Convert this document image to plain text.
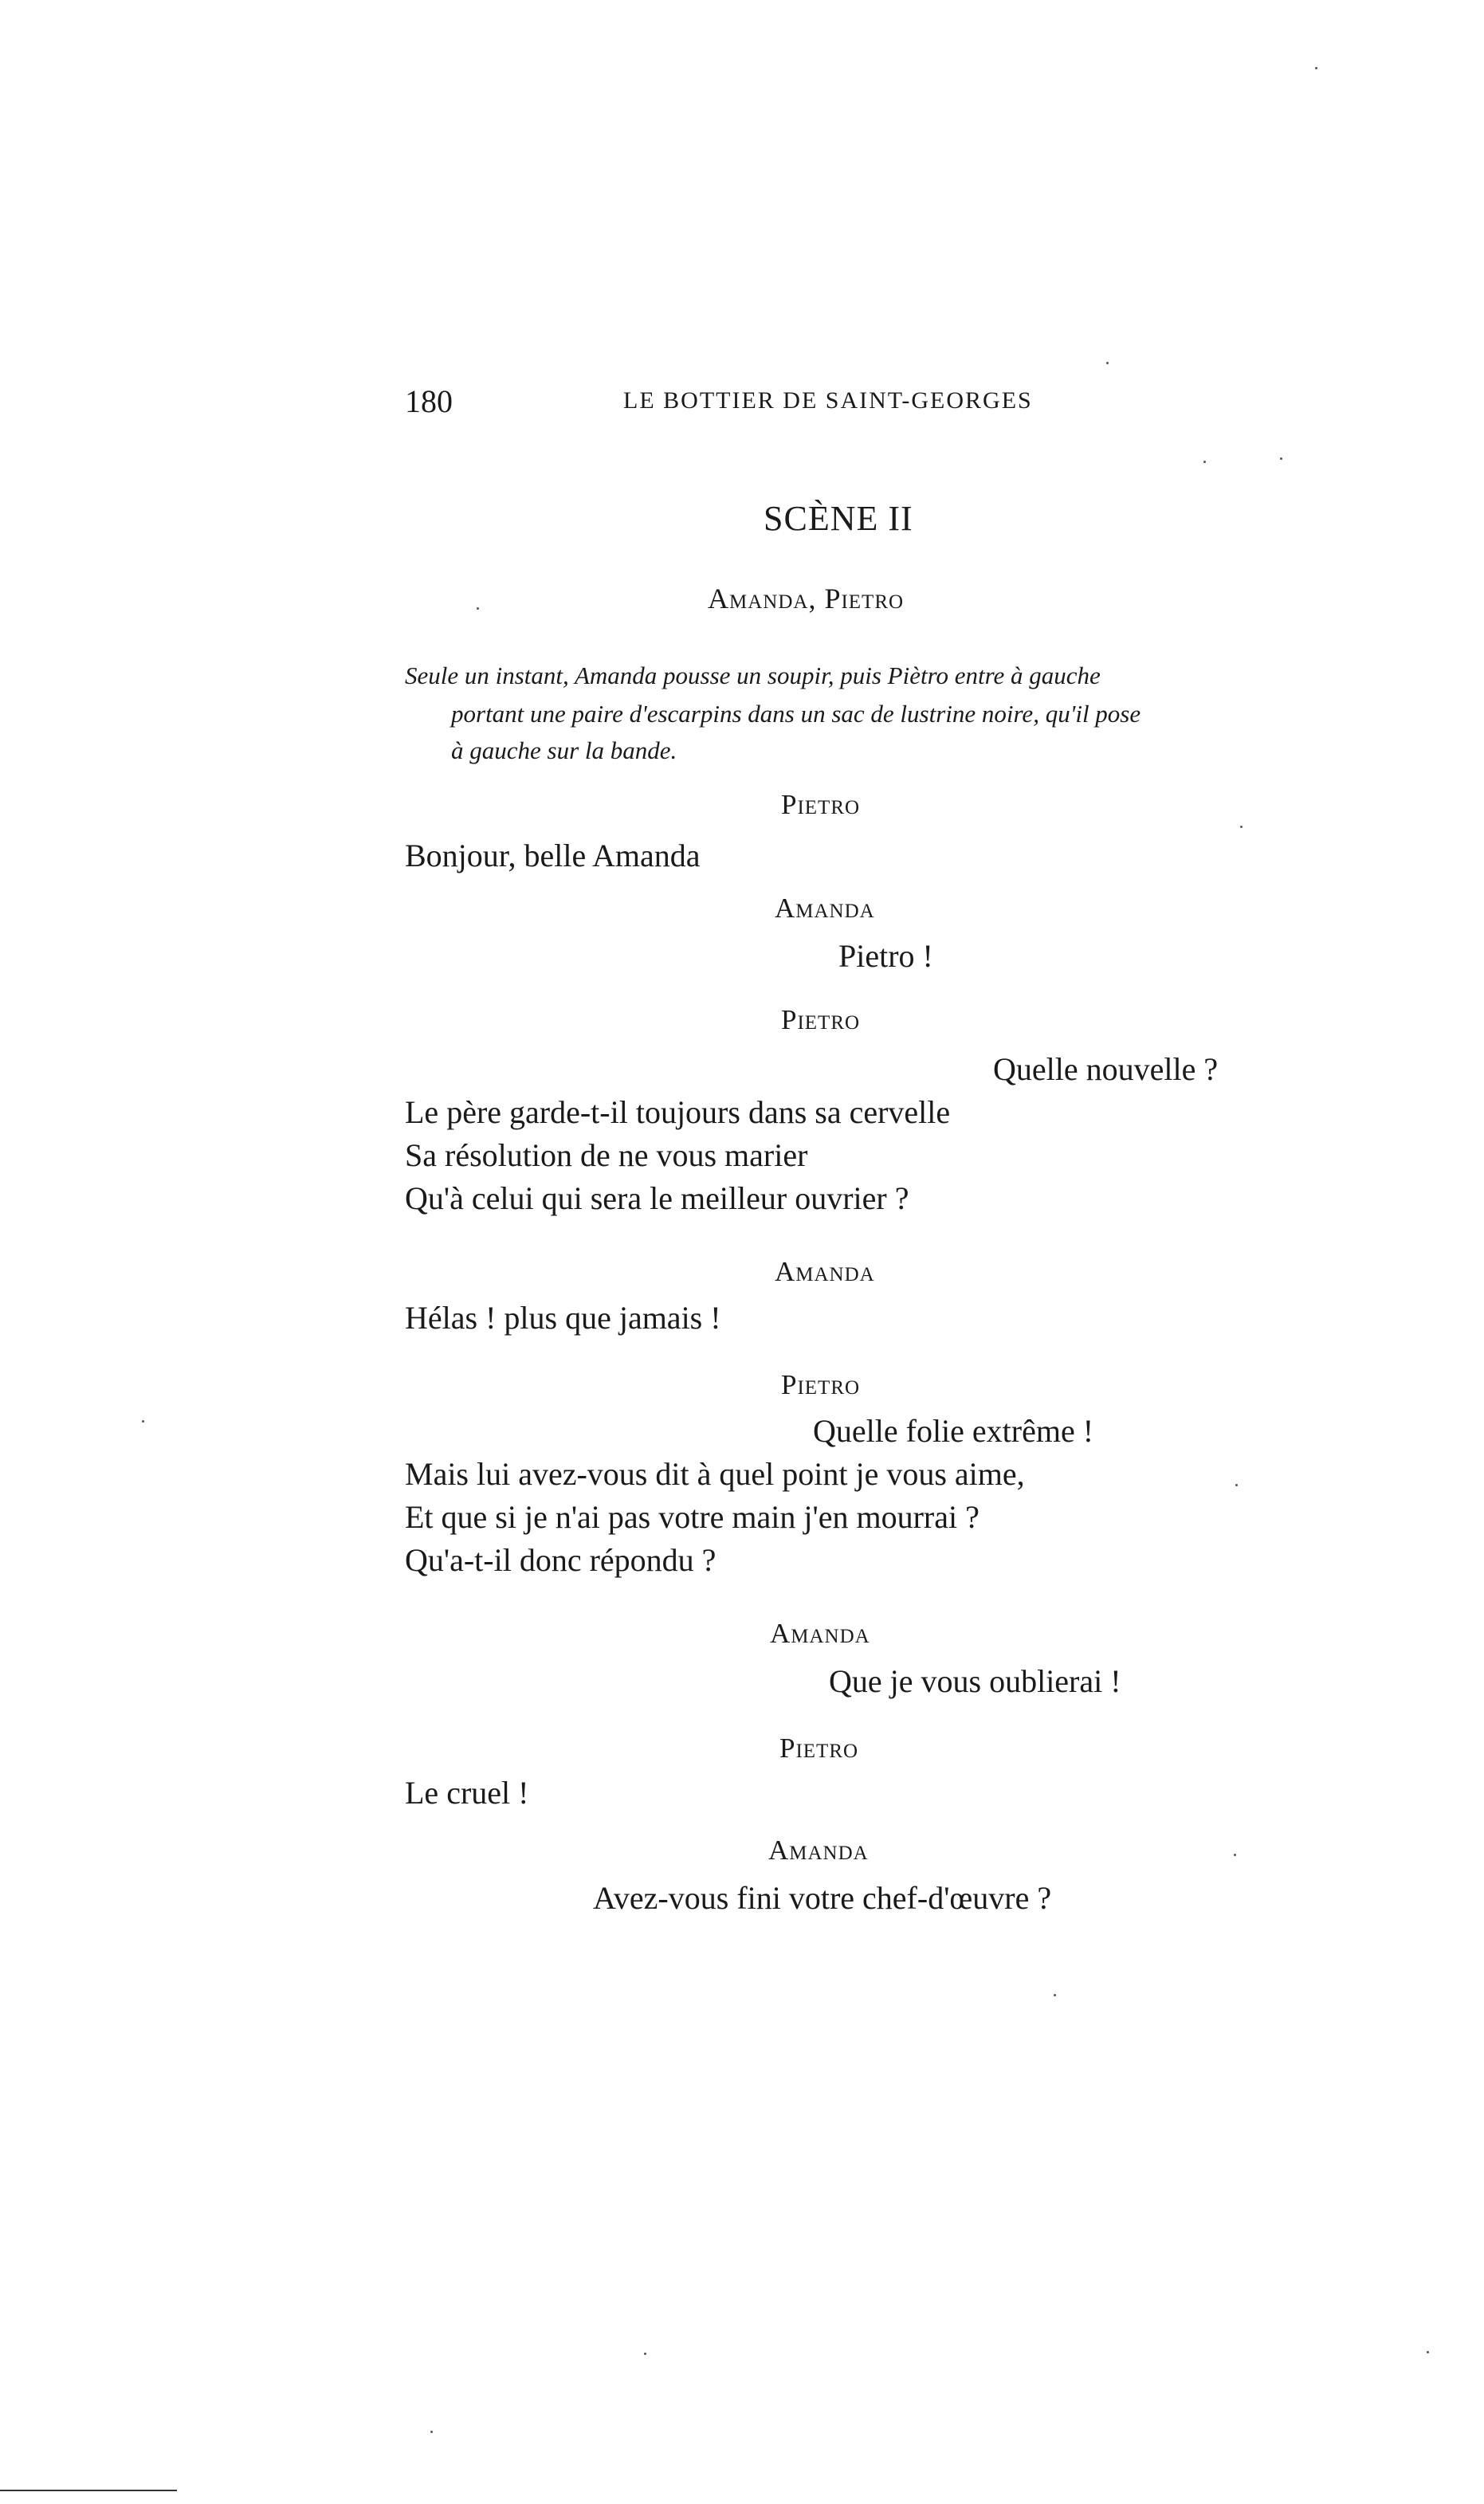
180	LE BOTTIER DE SAINT-GEORGES
SCÈNE II
Amanda, Pietro
Seule un instant, Amanda pousse un soupir, puis Piètro entre à gauche
portant une paire d'escarpins dans un sac de lustrine noire, qu'il pose
à gauche sur la bande.
Pietro
Bonjour, belle Amanda
Amanda
Pietro !
Pietro
Quelle nouvelle ?
Le père garde-t-il toujours dans sa cervelle
Sa résolution de ne vous marier
Qu'à celui qui sera le meilleur ouvrier ?
Amanda
Hélas ! plus que jamais !
Pietro
Quelle folie extrême !
Mais lui avez-vous dit à quel point je vous aime,
Et que si je n'ai pas votre main j'en mourrai ?
Qu'a-t-il donc répondu ?
Amanda
Que je vous oublierai !
Pietro
Le cruel !
Amanda
Avez-vous fini votre chef-d'œuvre ?
